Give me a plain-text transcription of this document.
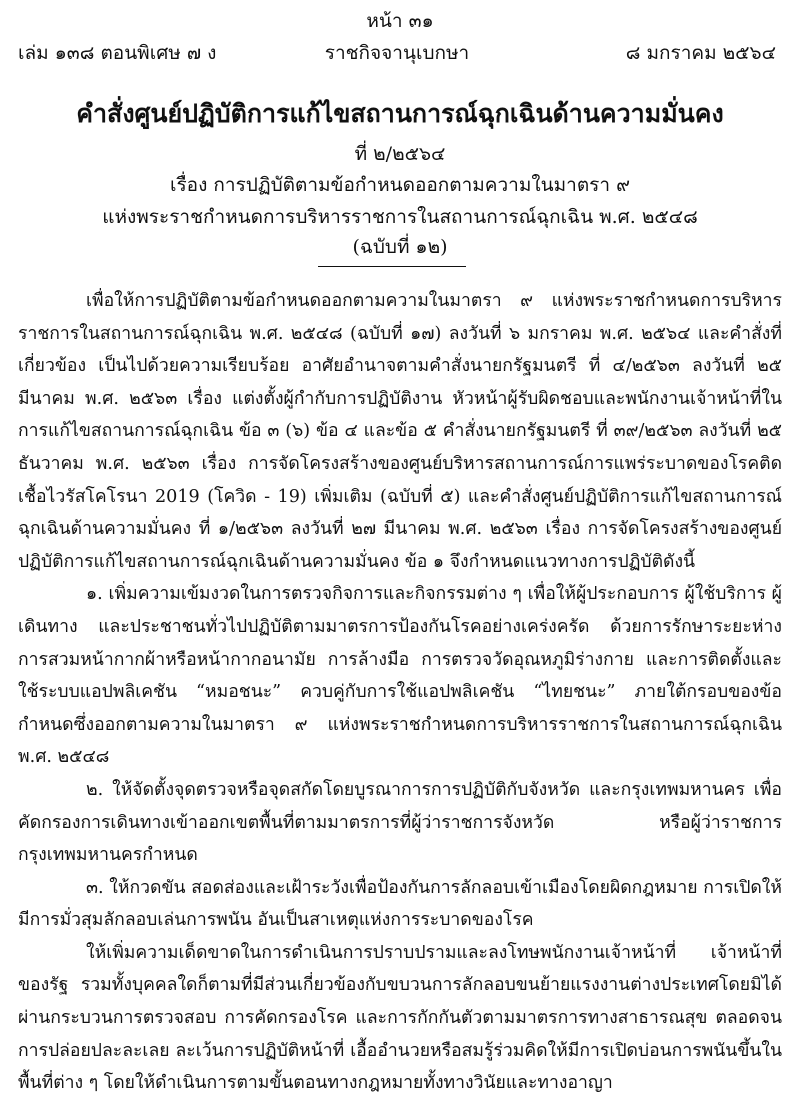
หน้า ๓๑
เล่ม ๑๓๘ ตอนพิเศษ ๗ ง	ราชกิจจานุเบกษา	๘ มกราคม ๒๕๖๔
คำสั่งศูนย์ปฏิบัติการแก้ไขสถานการณ์ฉุกเฉินด้านความมั่นคง
ที่ ๒/๒๕๖๔
เรื่อง การปฏิบัติตามข้อกำหนดออกตามความในมาตรา ๙
แห่งพระราชกำหนดการบริหารราชการในสถานการณ์ฉุกเฉิน พ.ศ. ๒๕๔๘
(ฉบับที่ ๑๒)

เพื่อให้การปฏิบัติตามข้อกำหนดออกตามความในมาตรา ๙ แห่งพระราชกำหนดการบริหารราชการในสถานการณ์ฉุกเฉิน พ.ศ. ๒๕๔๘ (ฉบับที่ ๑๗) ลงวันที่ ๖ มกราคม พ.ศ. ๒๕๖๔ และคำสั่งที่เกี่ยวข้อง เป็นไปด้วยความเรียบร้อย อาศัยอำนาจตามคำสั่งนายกรัฐมนตรี ที่ ๔/๒๕๖๓ ลงวันที่ ๒๕ มีนาคม พ.ศ. ๒๕๖๓ เรื่อง แต่งตั้งผู้กำกับการปฏิบัติงาน หัวหน้าผู้รับผิดชอบและพนักงานเจ้าหน้าที่ในการแก้ไขสถานการณ์ฉุกเฉิน ข้อ ๓ (๖) ข้อ ๔ และข้อ ๕ คำสั่งนายกรัฐมนตรี ที่ ๓๙/๒๕๖๓ ลงวันที่ ๒๕ ธันวาคม พ.ศ. ๒๕๖๓ เรื่อง การจัดโครงสร้างของศูนย์บริหารสถานการณ์การแพร่ระบาดของโรคติดเชื้อไวรัสโคโรนา 2019 (โควิด - 19) เพิ่มเติม (ฉบับที่ ๕) และคำสั่งศูนย์ปฏิบัติการแก้ไขสถานการณ์ฉุกเฉินด้านความมั่นคง ที่ ๑/๒๕๖๓ ลงวันที่ ๒๗ มีนาคม พ.ศ. ๒๕๖๓ เรื่อง การจัดโครงสร้างของศูนย์ปฏิบัติการแก้ไขสถานการณ์ฉุกเฉินด้านความมั่นคง ข้อ ๑ จึงกำหนดแนวทางการปฏิบัติดังนี้

๑. เพิ่มความเข้มงวดในการตรวจกิจการและกิจกรรมต่าง ๆ เพื่อให้ผู้ประกอบการ ผู้ใช้บริการ ผู้เดินทาง และประชาชนทั่วไปปฏิบัติตามมาตรการป้องกันโรคอย่างเคร่งครัด ด้วยการรักษาระยะห่าง การสวมหน้ากากผ้าหรือหน้ากากอนามัย การล้างมือ การตรวจวัดอุณหภูมิร่างกาย และการติดตั้งและใช้ระบบแอปพลิเคชัน “หมอชนะ” ควบคู่กับการใช้แอปพลิเคชัน “ไทยชนะ” ภายใต้กรอบของข้อกำหนดซึ่งออกตามความในมาตรา ๙ แห่งพระราชกำหนดการบริหารราชการในสถานการณ์ฉุกเฉิน พ.ศ. ๒๕๔๘

๒. ให้จัดตั้งจุดตรวจหรือจุดสกัดโดยบูรณาการการปฏิบัติกับจังหวัด และกรุงเทพมหานคร เพื่อคัดกรองการเดินทางเข้าออกเขตพื้นที่ตามมาตรการที่ผู้ว่าราชการจังหวัด หรือผู้ว่าราชการกรุงเทพมหานครกำหนด

๓. ให้กวดขัน สอดส่องและเฝ้าระวังเพื่อป้องกันการลักลอบเข้าเมืองโดยผิดกฎหมาย การเปิดให้มีการมั่วสุมลักลอบเล่นการพนัน อันเป็นสาเหตุแห่งการระบาดของโรค

ให้เพิ่มความเด็ดขาดในการดำเนินการปราบปรามและลงโทษพนักงานเจ้าหน้าที่ เจ้าหน้าที่ของรัฐ รวมทั้งบุคคลใดก็ตามที่มีส่วนเกี่ยวข้องกับขบวนการลักลอบขนย้ายแรงงานต่างประเทศโดยมิได้ผ่านกระบวนการตรวจสอบ การคัดกรองโรค และการกักกันตัวตามมาตรการทางสาธารณสุข ตลอดจนการปล่อยปละละเลย ละเว้นการปฏิบัติหน้าที่ เอื้ออำนวยหรือสมรู้ร่วมคิดให้มีการเปิดบ่อนการพนันขึ้นในพื้นที่ต่าง ๆ โดยให้ดำเนินการตามขั้นตอนทางกฎหมายทั้งทางวินัยและทางอาญา
